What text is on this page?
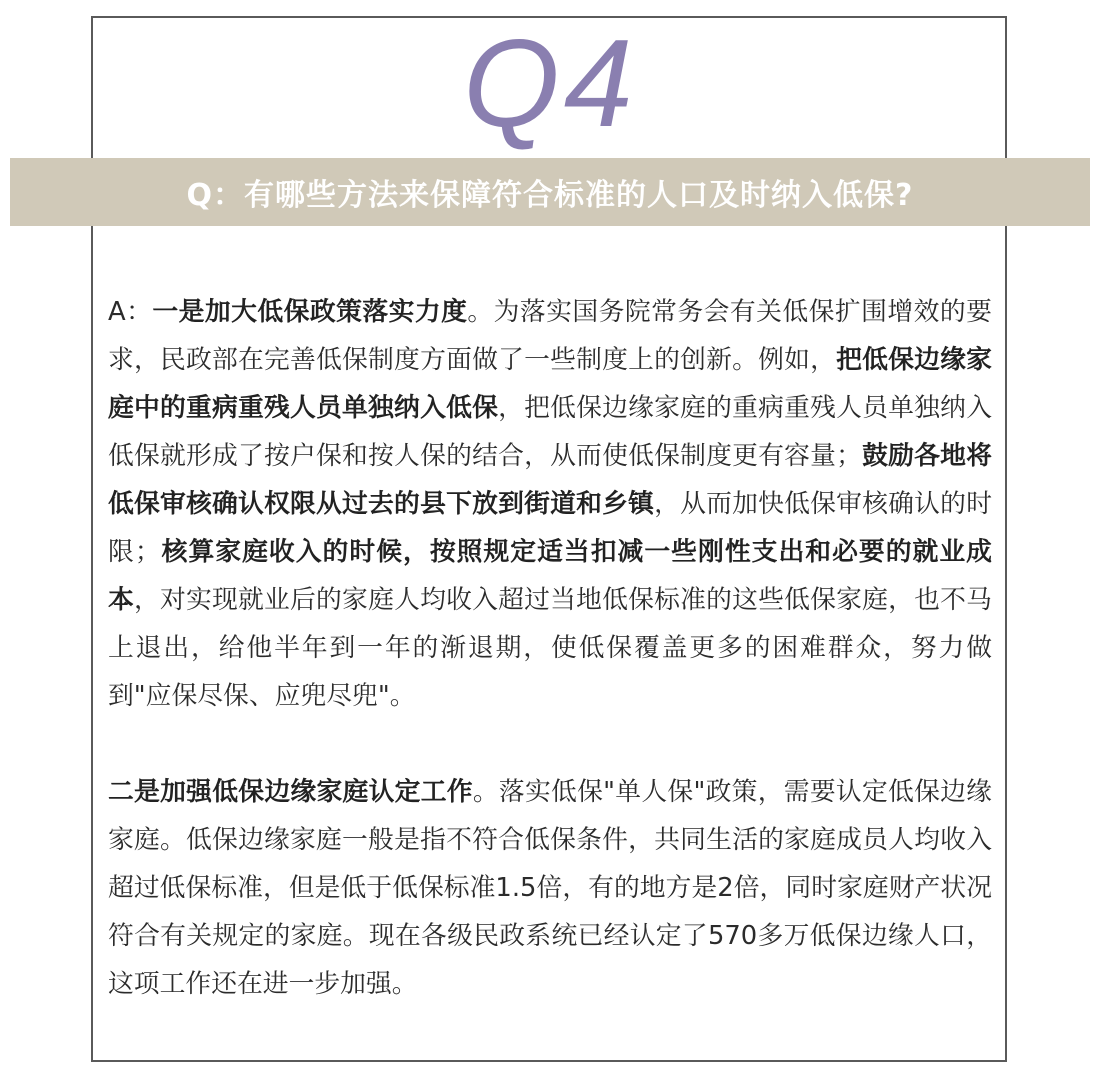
Q4
Q：有哪些方法来保障符合标准的人口及时纳入低保?

A：一是加大低保政策落实力度。为落实国务院常务会有关低保扩围增效的要求，民政部在完善低保制度方面做了一些制度上的创新。例如，把低保边缘家庭中的重病重残人员单独纳入低保，把低保边缘家庭的重病重残人员单独纳入低保就形成了按户保和按人保的结合，从而使低保制度更有容量；鼓励各地将低保审核确认权限从过去的县下放到街道和乡镇，从而加快低保审核确认的时限；核算家庭收入的时候，按照规定适当扣减一些刚性支出和必要的就业成本，对实现就业后的家庭人均收入超过当地低保标准的这些低保家庭，也不马上退出，给他半年到一年的渐退期，使低保覆盖更多的困难群众，努力做到"应保尽保、应兜尽兜"。

二是加强低保边缘家庭认定工作。落实低保"单人保"政策，需要认定低保边缘家庭。低保边缘家庭一般是指不符合低保条件，共同生活的家庭成员人均收入超过低保标准，但是低于低保标准1.5倍，有的地方是2倍，同时家庭财产状况符合有关规定的家庭。现在各级民政系统已经认定了570多万低保边缘人口，这项工作还在进一步加强。
